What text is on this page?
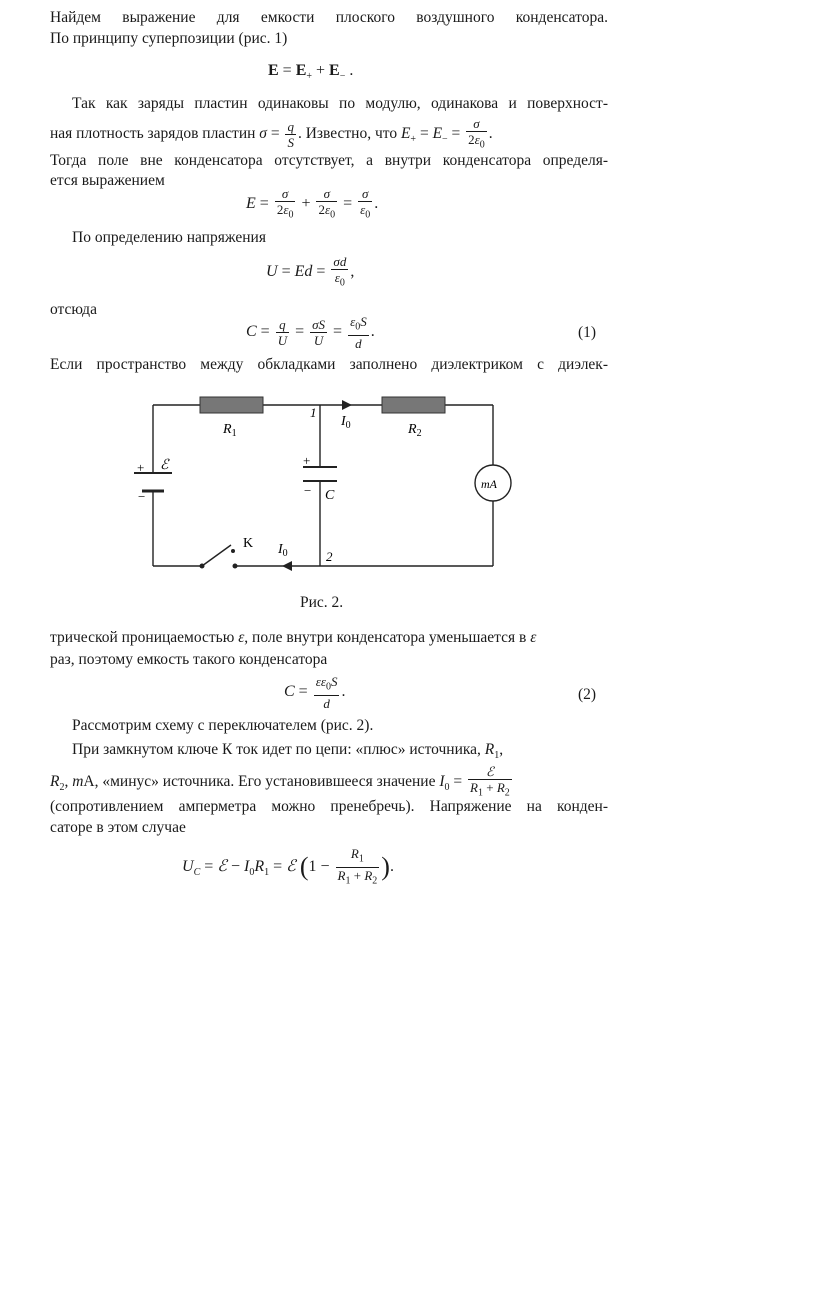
Найдем выражение для емкости плоского воздушного конденсатора.
По принципу суперпозиции (рис. 1)
$E = E_+ + E_-$ .
Так как заряды пластин одинаковы по модулю, одинакова и поверхност-
ная плотность зарядов пластин $\sigma = \frac{q}{S}$ . Известно, что $E_+ = E_- = \frac{\sigma}{2\varepsilon_0}$ .
Тогда поле вне конденсатора отсутствует, а внутри конденсатора определя-
ется выражением
$E = \frac{\sigma}{2\varepsilon_0} + \frac{\sigma}{2\varepsilon_0} = \frac{\sigma}{\varepsilon_0}$ .
По определению напряжения
$U = Ed = \frac{\sigma d}{\varepsilon_0}$ ,
отсюда
$C = \frac{q}{U} = \frac{\sigma S}{U} = \frac{\varepsilon_0S}{d}$ .	(1)
Если пространство между обкладками заполнено диэлектриком с диэлек-
$R_1$	$R_2$
ℰ
+
−
+
− C
1
2
$I_0$
$I_0$
K
mA
Рис. 2.
трической проницаемостью ε, поле внутри конденсатора уменьшается в ε
раз, поэтому емкость такого конденсатора
$C = \frac{\varepsilon\varepsilon_0S}{d}$ .	(2)
Рассмотрим схему с переключателем (рис. 2).
При замкнутом ключе К ток идет по цепи: «плюс» источника, $R_1$,
$R_2$, mA, «минус» источника. Его установившееся значение $I_0 = \frac{\text{ℰ}}{R_1 + R_2}$
(сопротивлением амперметра можно пренебречь). Напряжение на конден-
саторе в этом случае
$U_C$ = ℰ − $I_0R_1$ = ℰ ($1 - \frac{R_1}{R_1 + R_2}$ ).
